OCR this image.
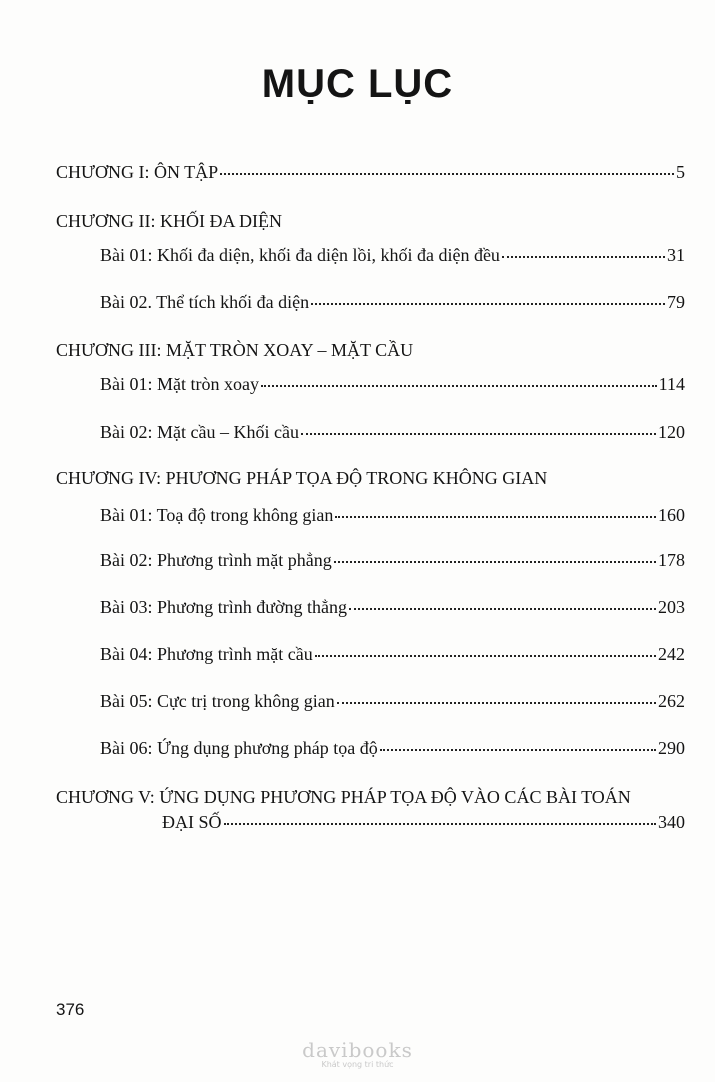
MỤC LỤC
CHƯƠNG I: ÔN TẬP	5
CHƯƠNG II: KHỐI ĐA DIỆN
Bài 01: Khối đa diện, khối đa diện lồi, khối đa diện đều	31
Bài 02. Thể tích khối đa diện	79
CHƯƠNG III: MẶT TRÒN XOAY – MẶT CẦU
Bài 01: Mặt tròn xoay	114
Bài 02: Mặt cầu – Khối cầu	120
CHƯƠNG IV: PHƯƠNG PHÁP TỌA ĐỘ TRONG KHÔNG GIAN
Bài 01: Toạ độ trong không gian	160
Bài 02: Phương trình mặt phẳng	178
Bài 03: Phương trình đường thẳng	203
Bài 04: Phương trình mặt cầu	242
Bài 05: Cực trị trong không gian	262
Bài 06: Ứng dụng phương pháp tọa độ	290
CHƯƠNG V: ỨNG DỤNG PHƯƠNG PHÁP TỌA ĐỘ VÀO CÁC BÀI TOÁN
ĐẠI SỐ	340
376
davibooks
Khát vọng tri thức
